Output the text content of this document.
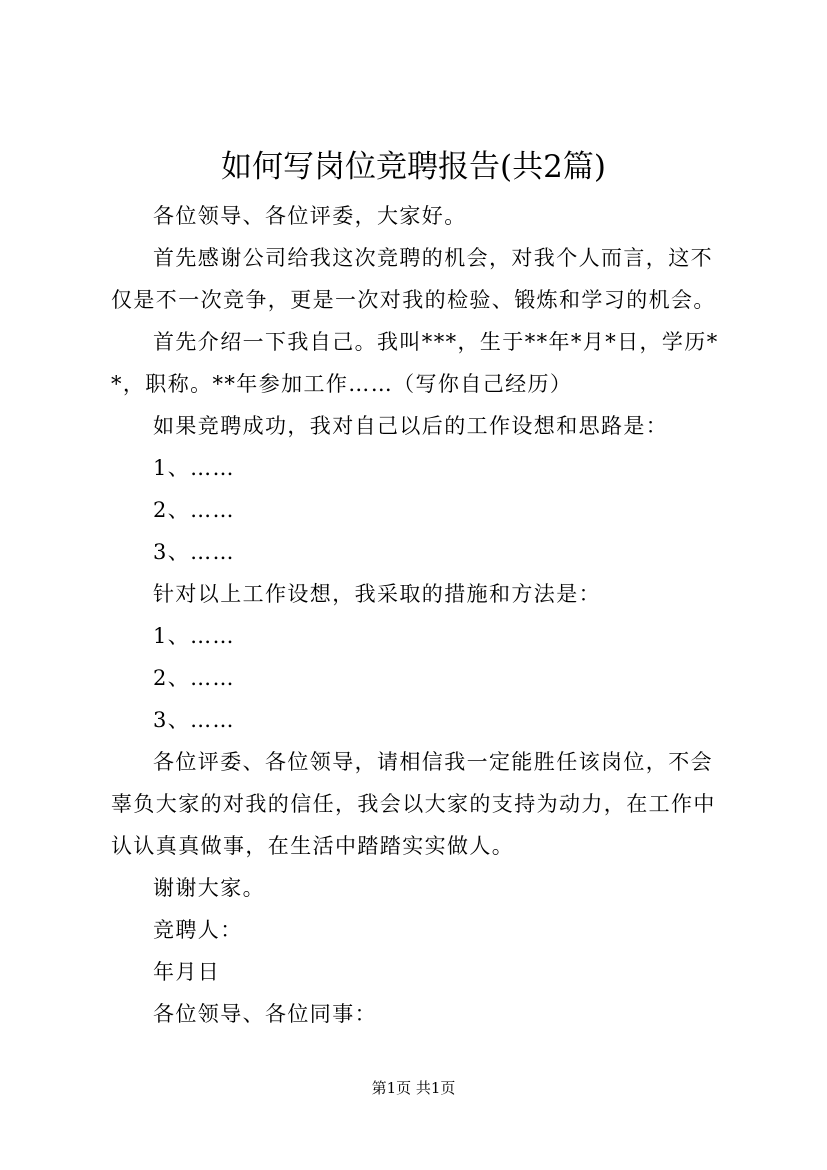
如何写岗位竞聘报告(共2篇)

各位领导、各位评委，大家好。

首先感谢公司给我这次竞聘的机会，对我个人而言，这不仅是不一次竞争，更是一次对我的检验、锻炼和学习的机会。

首先介绍一下我自己。我叫***，生于**年*月*日，学历**，职称。**年参加工作……（写你自己经历）

如果竞聘成功，我对自己以后的工作设想和思路是：

1、……

2、……

3、……

针对以上工作设想，我采取的措施和方法是：

1、……

2、……

3、……

各位评委、各位领导，请相信我一定能胜任该岗位，不会辜负大家的对我的信任，我会以大家的支持为动力，在工作中认认真真做事，在生活中踏踏实实做人。

谢谢大家。

竞聘人：

年月日

各位领导、各位同事：

第1页 共1页
